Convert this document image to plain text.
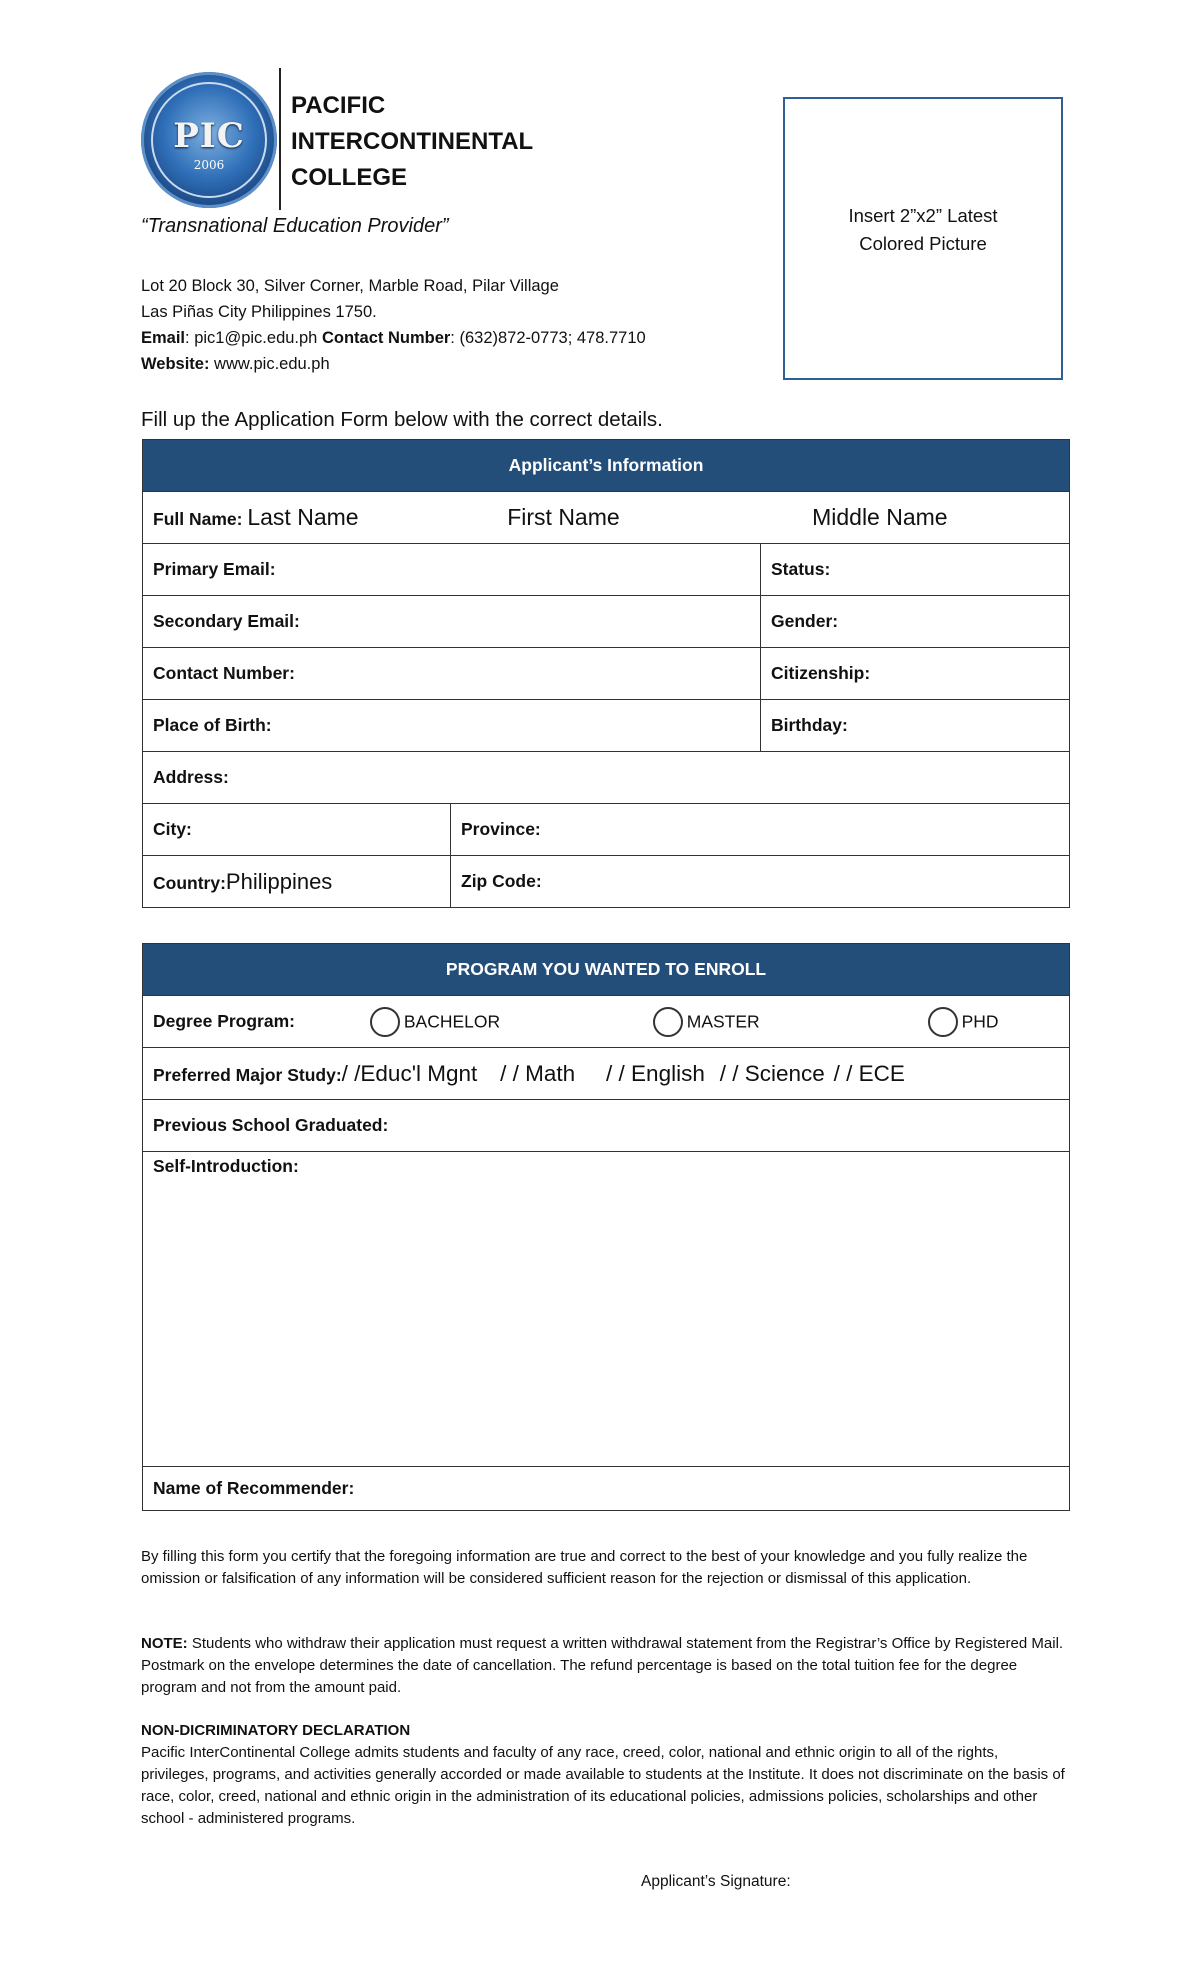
PIC
2006
PACIFIC
INTERCONTINENTAL
COLLEGE
“Transnational Education Provider”
Lot 20 Block 30, Silver Corner, Marble Road, Pilar Village
Las Piñas City Philippines 1750.
Email: pic1@pic.edu.ph Contact Number: (632)872-0773; 478.7710
Website: www.pic.edu.ph
Insert 2”x2” Latest
Colored Picture
Fill up the Application Form below with the correct details.
Applicant’s Information		
Full Name: Last Name First Name Middle Name		
Primary Email:		Status:
Secondary Email:		Gender:
Contact Number:		Citizenship:
Place of Birth:		Birthday:
Address:		
City:	Province:	
Country:Philippines	Zip Code:	
PROGRAM YOU WANTED TO ENROLL
Degree Program:	BACHELOR	MASTER	PHD
Preferred Major Study:/ /Educ'l Mgnt / / Math / / English / / Science / / ECE
Previous School Graduated:
Self-Introduction:
Name of Recommender:
By filling this form you certify that the foregoing information are true and correct to the best of your knowledge and you fully realize the omission or falsification of any information will be considered sufficient reason for the rejection or dismissal of this application.
NOTE: Students who withdraw their application must request a written withdrawal statement from the Registrar’s Office by Registered Mail. Postmark on the envelope determines the date of cancellation. The refund percentage is based on the total tuition fee for the degree program and not from the amount paid.
NON-DICRIMINATORY DECLARATION
Pacific InterContinental College admits students and faculty of any race, creed, color, national and ethnic origin to all of the rights, privileges, programs, and activities generally accorded or made available to students at the Institute. It does not discriminate on the basis of race, color, creed, national and ethnic origin in the administration of its educational policies, admissions policies, scholarships and other school - administered programs.
Applicant’s Signature:
